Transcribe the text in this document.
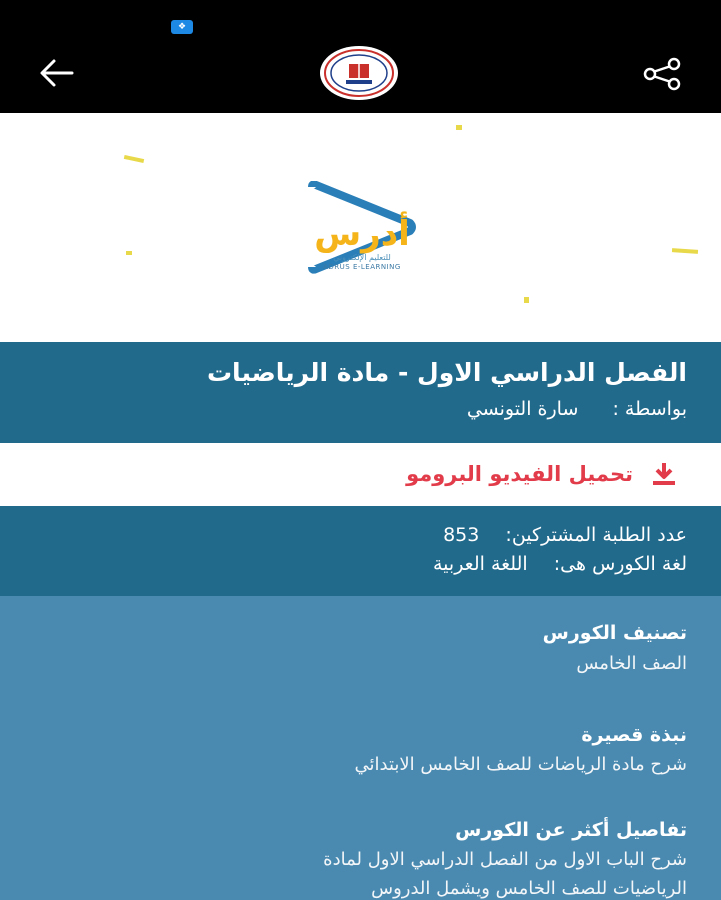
❖
أدرس
للتعليم الإلكتروني
ADRUS E-LEARNING
الفصل الدراسي الاول - مادة الرياضيات
بواسطة :  سارة التونسي
تحميل الفيديو البرومو
عدد الطلبة المشتركين:  853
لغة الكورس هى:  اللغة العربية
تصنيف الكورس
الصف الخامس
نبذة قصيرة
شرح مادة الرياضات للصف الخامس الابتدائي
تفاصيل أكثر عن الكورس
شرح الباب الاول من الفصل الدراسي الاول لمادة
الرياضيات للصف الخامس ويشمل الدروس
